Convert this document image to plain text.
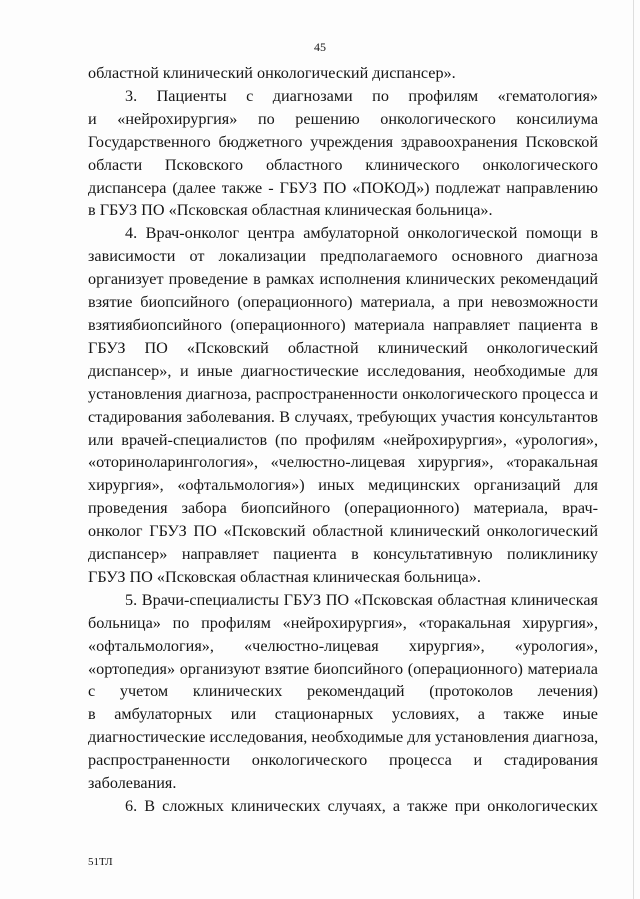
45
областной клинический онкологический диспансер».
3. Пациенты с диагнозами по профилям «гематология»
и «нейрохирургия» по решению онкологического консилиума
Государственного бюджетного учреждения здравоохранения Псковской
области Псковского областного клинического онкологического
диспансера (далее также - ГБУЗ ПО «ПОКОД») подлежат направлению
в ГБУЗ ПО «Псковская областная клиническая больница».
4. Врач-онколог центра амбулаторной онкологической помощи в
зависимости от локализации предполагаемого основного диагноза
организует проведение в рамках исполнения клинических рекомендаций
взятие биопсийного (операционного) материала, а при невозможности
взятиябиопсийного (операционного) материала направляет пациента в
ГБУЗ ПО «Псковский областной клинический онкологический
диспансер», и иные диагностические исследования, необходимые для
установления диагноза, распространенности онкологического процесса и
стадирования заболевания. В случаях, требующих участия консультантов
или врачей-специалистов (по профилям «нейрохирургия», «урология»,
«оториноларингология», «челюстно-лицевая хирургия», «торакальная
хирургия», «офтальмология») иных медицинских организаций для
проведения забора биопсийного (операционного) материала, врач-
онколог ГБУЗ ПО «Псковский областной клинический онкологический
диспансер» направляет пациента в консультативную поликлинику
ГБУЗ ПО «Псковская областная клиническая больница».
5. Врачи-специалисты ГБУЗ ПО «Псковская областная клиническая
больница» по профилям «нейрохирургия», «торакальная хирургия»,
«офтальмология», «челюстно-лицевая хирургия», «урология»,
«ортопедия» организуют взятие биопсийного (операционного) материала
с учетом клинических рекомендаций (протоколов лечения)
в амбулаторных или стационарных условиях, а также иные
диагностические исследования, необходимые для установления диагноза,
распространенности онкологического процесса и стадирования
заболевания.
6. В сложных клинических случаях, а также при онкологических
51ТЛ
